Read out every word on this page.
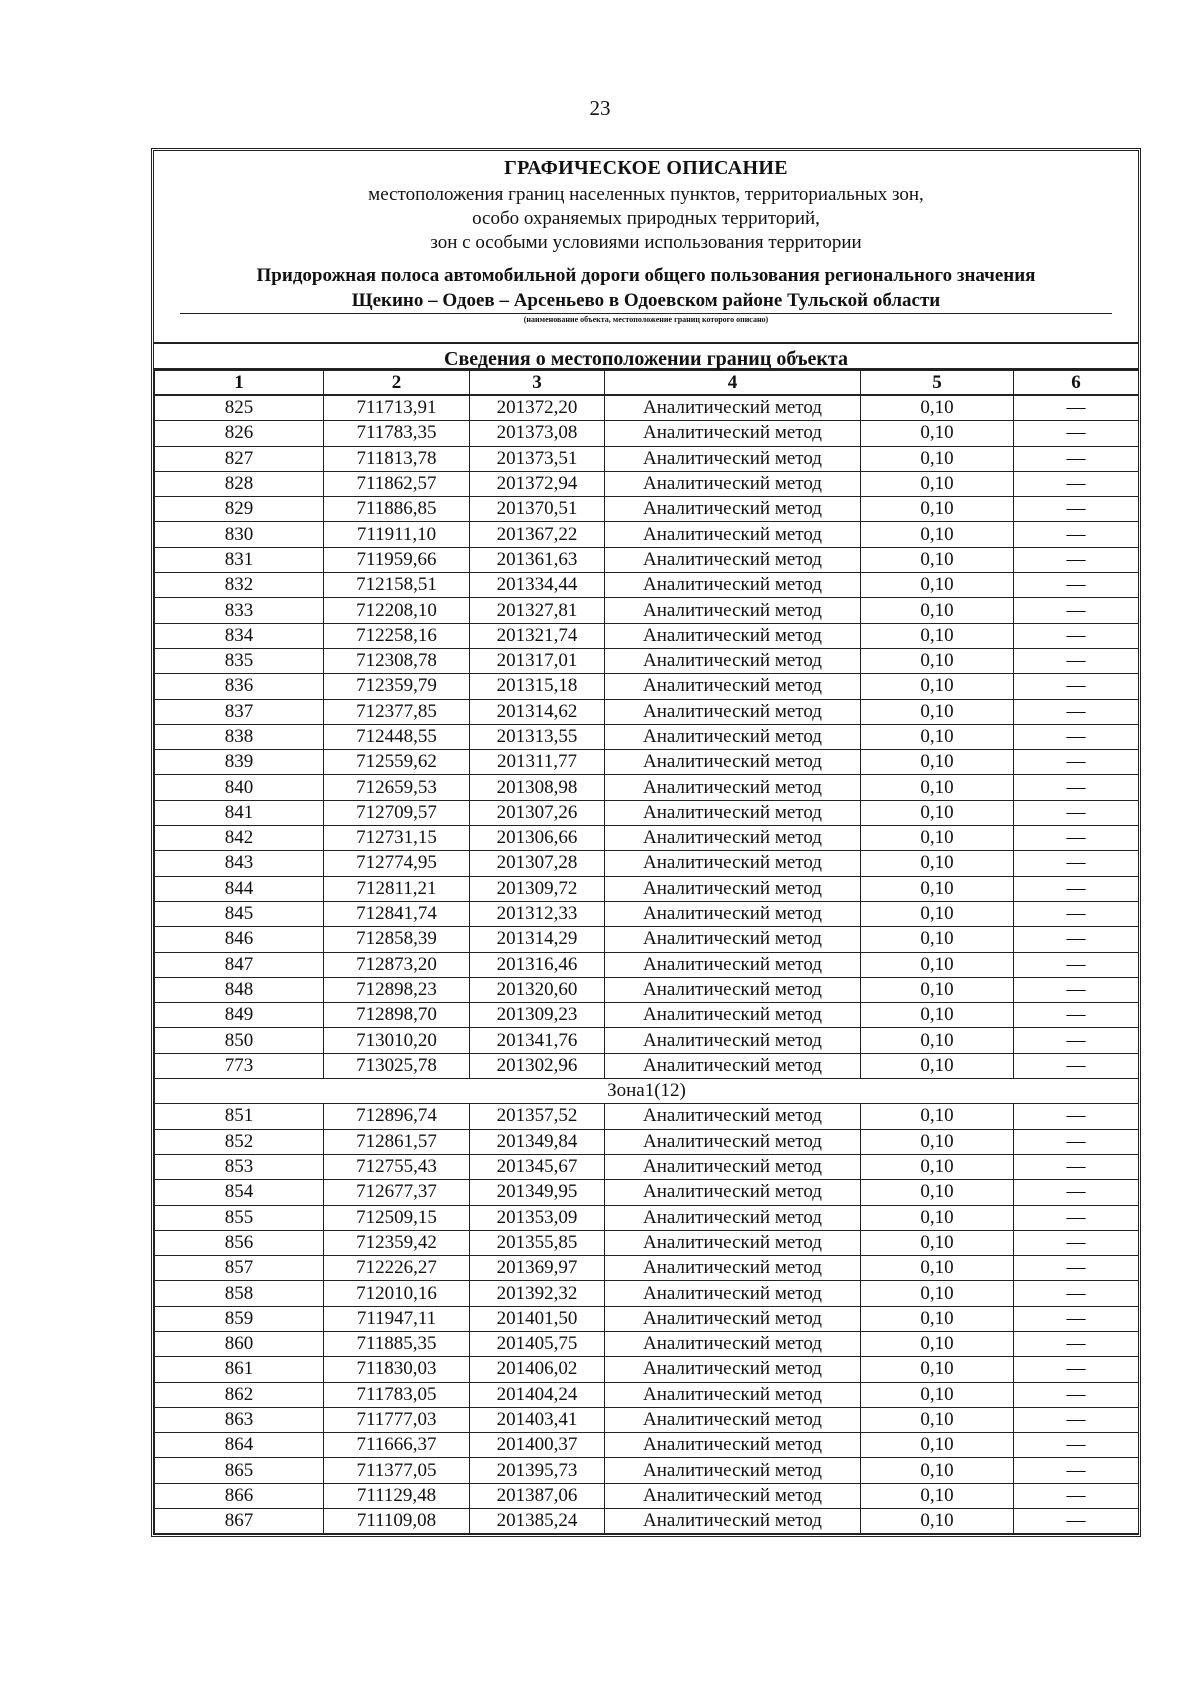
23
ГРАФИЧЕСКОЕ ОПИСАНИЕ
местоположения границ населенных пунктов, территориальных зон,
особо охраняемых природных территорий,
зон с особыми условиями использования территории
Придорожная полоса автомобильной дороги общего пользования регионального значения
Щекино – Одоев – Арсеньево в Одоевском районе Тульской области
(наименование объекта, местоположение границ которого описано)
Сведения о местоположении границ объекта
1	2	3	4	5	6
825	711713,91	201372,20	Аналитический метод	0,10	—
826	711783,35	201373,08	Аналитический метод	0,10	—
827	711813,78	201373,51	Аналитический метод	0,10	—
828	711862,57	201372,94	Аналитический метод	0,10	—
829	711886,85	201370,51	Аналитический метод	0,10	—
830	711911,10	201367,22	Аналитический метод	0,10	—
831	711959,66	201361,63	Аналитический метод	0,10	—
832	712158,51	201334,44	Аналитический метод	0,10	—
833	712208,10	201327,81	Аналитический метод	0,10	—
834	712258,16	201321,74	Аналитический метод	0,10	—
835	712308,78	201317,01	Аналитический метод	0,10	—
836	712359,79	201315,18	Аналитический метод	0,10	—
837	712377,85	201314,62	Аналитический метод	0,10	—
838	712448,55	201313,55	Аналитический метод	0,10	—
839	712559,62	201311,77	Аналитический метод	0,10	—
840	712659,53	201308,98	Аналитический метод	0,10	—
841	712709,57	201307,26	Аналитический метод	0,10	—
842	712731,15	201306,66	Аналитический метод	0,10	—
843	712774,95	201307,28	Аналитический метод	0,10	—
844	712811,21	201309,72	Аналитический метод	0,10	—
845	712841,74	201312,33	Аналитический метод	0,10	—
846	712858,39	201314,29	Аналитический метод	0,10	—
847	712873,20	201316,46	Аналитический метод	0,10	—
848	712898,23	201320,60	Аналитический метод	0,10	—
849	712898,70	201309,23	Аналитический метод	0,10	—
850	713010,20	201341,76	Аналитический метод	0,10	—
773	713025,78	201302,96	Аналитический метод	0,10	—
Зона1(12)					
851	712896,74	201357,52	Аналитический метод	0,10	—
852	712861,57	201349,84	Аналитический метод	0,10	—
853	712755,43	201345,67	Аналитический метод	0,10	—
854	712677,37	201349,95	Аналитический метод	0,10	—
855	712509,15	201353,09	Аналитический метод	0,10	—
856	712359,42	201355,85	Аналитический метод	0,10	—
857	712226,27	201369,97	Аналитический метод	0,10	—
858	712010,16	201392,32	Аналитический метод	0,10	—
859	711947,11	201401,50	Аналитический метод	0,10	—
860	711885,35	201405,75	Аналитический метод	0,10	—
861	711830,03	201406,02	Аналитический метод	0,10	—
862	711783,05	201404,24	Аналитический метод	0,10	—
863	711777,03	201403,41	Аналитический метод	0,10	—
864	711666,37	201400,37	Аналитический метод	0,10	—
865	711377,05	201395,73	Аналитический метод	0,10	—
866	711129,48	201387,06	Аналитический метод	0,10	—
867	711109,08	201385,24	Аналитический метод	0,10	—
